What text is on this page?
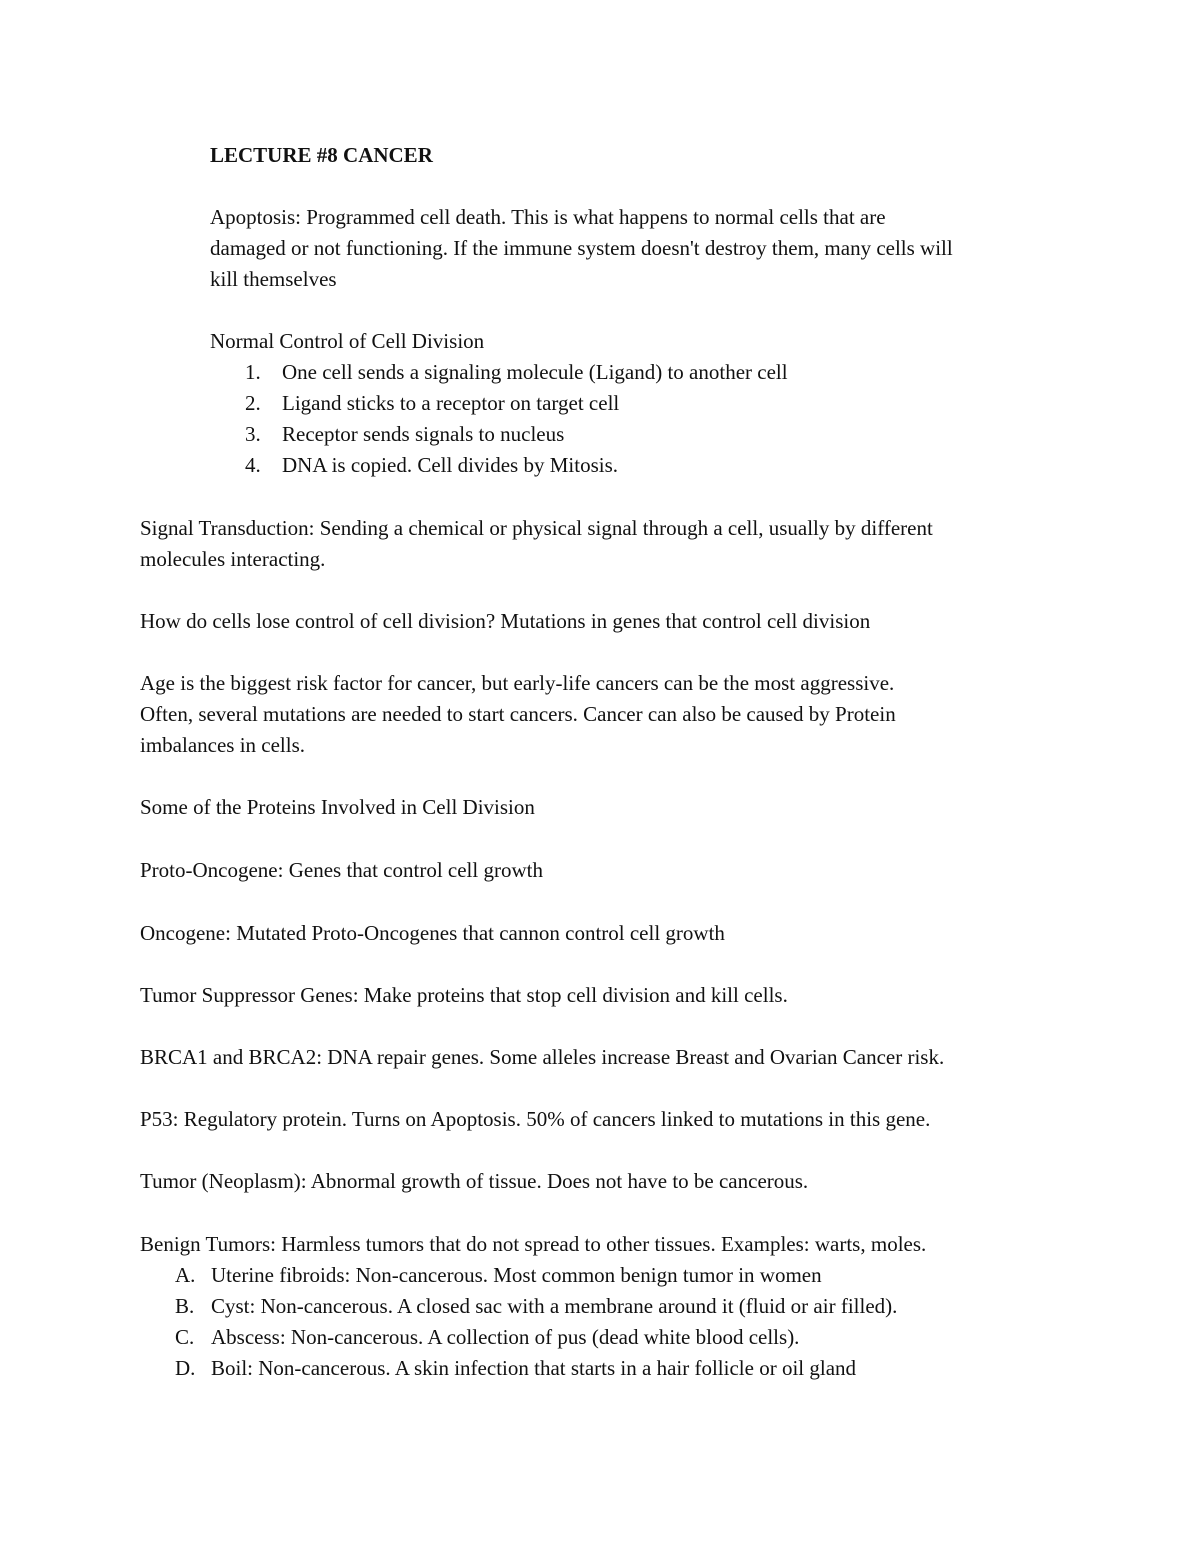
LECTURE #8 CANCER
Apoptosis: Programmed cell death. This is what happens to normal cells that are
damaged or not functioning. If the immune system doesn't destroy them, many cells will
kill themselves
Normal Control of Cell Division
1. One cell sends a signaling molecule (Ligand) to another cell
2. Ligand sticks to a receptor on target cell
3. Receptor sends signals to nucleus
4. DNA is copied. Cell divides by Mitosis.
Signal Transduction: Sending a chemical or physical signal through a cell, usually by different
molecules interacting.
How do cells lose control of cell division? Mutations in genes that control cell division
Age is the biggest risk factor for cancer, but early-life cancers can be the most aggressive.
Often, several mutations are needed to start cancers. Cancer can also be caused by Protein
imbalances in cells.
Some of the Proteins Involved in Cell Division
Proto-Oncogene: Genes that control cell growth
Oncogene: Mutated Proto-Oncogenes that cannon control cell growth
Tumor Suppressor Genes: Make proteins that stop cell division and kill cells.
BRCA1 and BRCA2: DNA repair genes. Some alleles increase Breast and Ovarian Cancer risk.
P53: Regulatory protein. Turns on Apoptosis. 50% of cancers linked to mutations in this gene.
Tumor (Neoplasm): Abnormal growth of tissue. Does not have to be cancerous.
Benign Tumors: Harmless tumors that do not spread to other tissues. Examples: warts, moles.
A. Uterine fibroids: Non-cancerous. Most common benign tumor in women
B. Cyst: Non-cancerous. A closed sac with a membrane around it (fluid or air filled).
C. Abscess: Non-cancerous. A collection of pus (dead white blood cells).
D. Boil: Non-cancerous. A skin infection that starts in a hair follicle or oil gland
